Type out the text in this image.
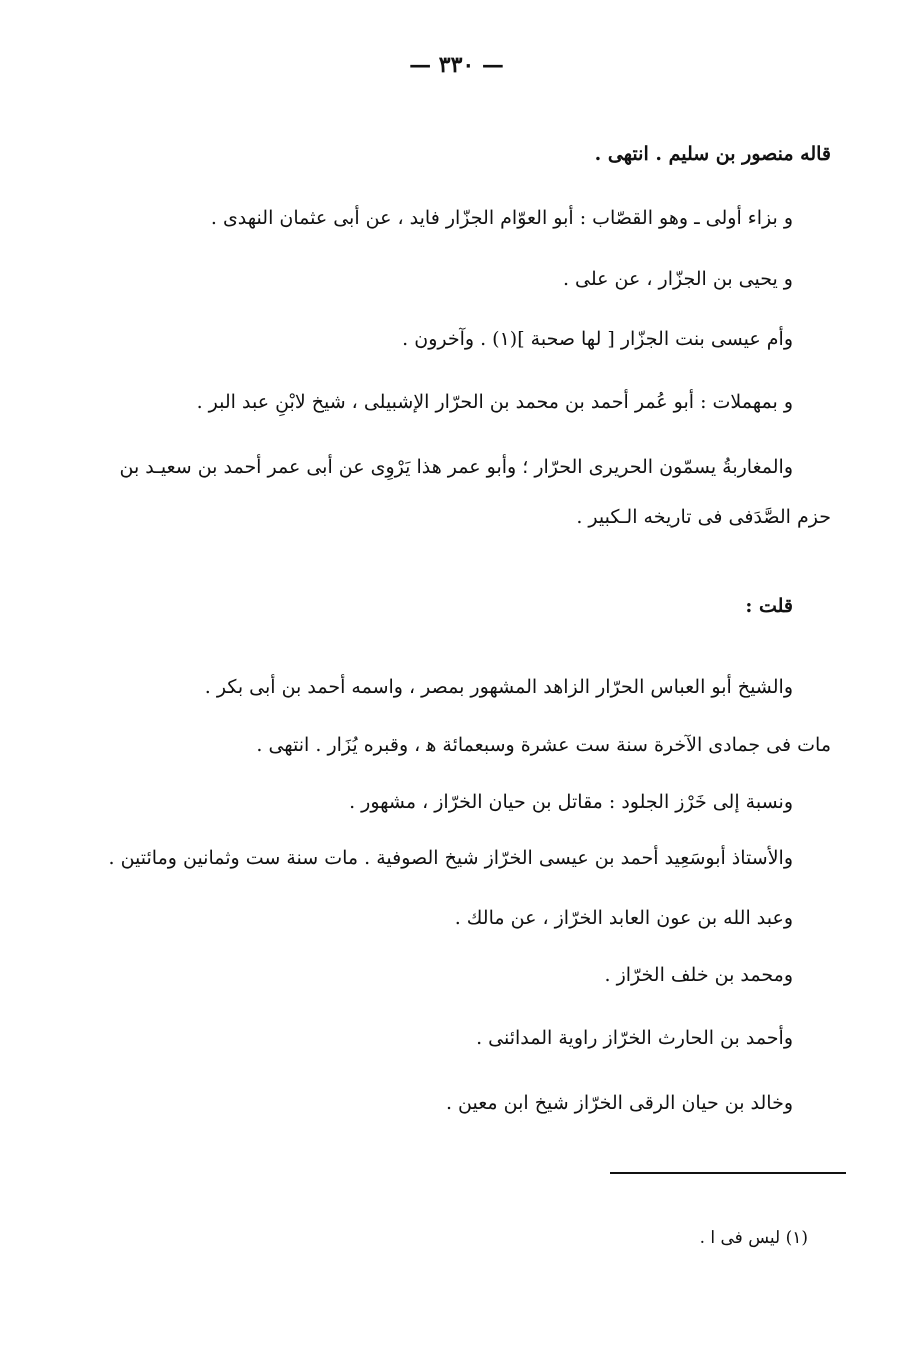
— ٣٣٠ —
قاله منصور بن سليم . انتهى .
و بزاء أولى ـ وهو القصّاب : أبو العوّام الجزّار فايد ، عن أبى عثمان النهدى .
و يحيى بن الجزّار ، عن على .
وأم عيسى بنت الجزّار [ لها صحبة ](١) . وآخرون .
و بمهملات : أبو عُمر أحمد بن محمد بن الحرّار الإشبيلى ، شيخ لابْنِ عبد البر .
والمغاربةُ يسمّون الحريرى الحرّار ؛ وأبو عمر هذا يَرْوِى عن أبى عمر أحمد بن سعيـد بن
حزم الصَّدَفى فى تاريخه الـكبير .
قلت :
والشيخ أبو العباس الحرّار الزاهد المشهور بمصر ، واسمه أحمد بن أبى بكر .
مات فى جمادى الآخرة سنة ست عشرة وسبعمائة ﻫ ، وقبره يُزَار . انتهى .
ونسبة إلى خَرْز الجلود : مقاتل بن حيان الخرّاز ، مشهور .
والأستاذ أبوسَعِيد أحمد بن عيسى الخرّاز شيخ الصوفية . مات سنة ست وثمانين ومائتين .
وعبد الله بن عون العابد الخرّاز ، عن مالك .
ومحمد بن خلف الخرّاز .
وأحمد بن الحارث الخرّاز راوية المدائنى .
وخالد بن حيان الرقى الخرّاز شيخ ابن معين .
(١) ليس فى ا .
